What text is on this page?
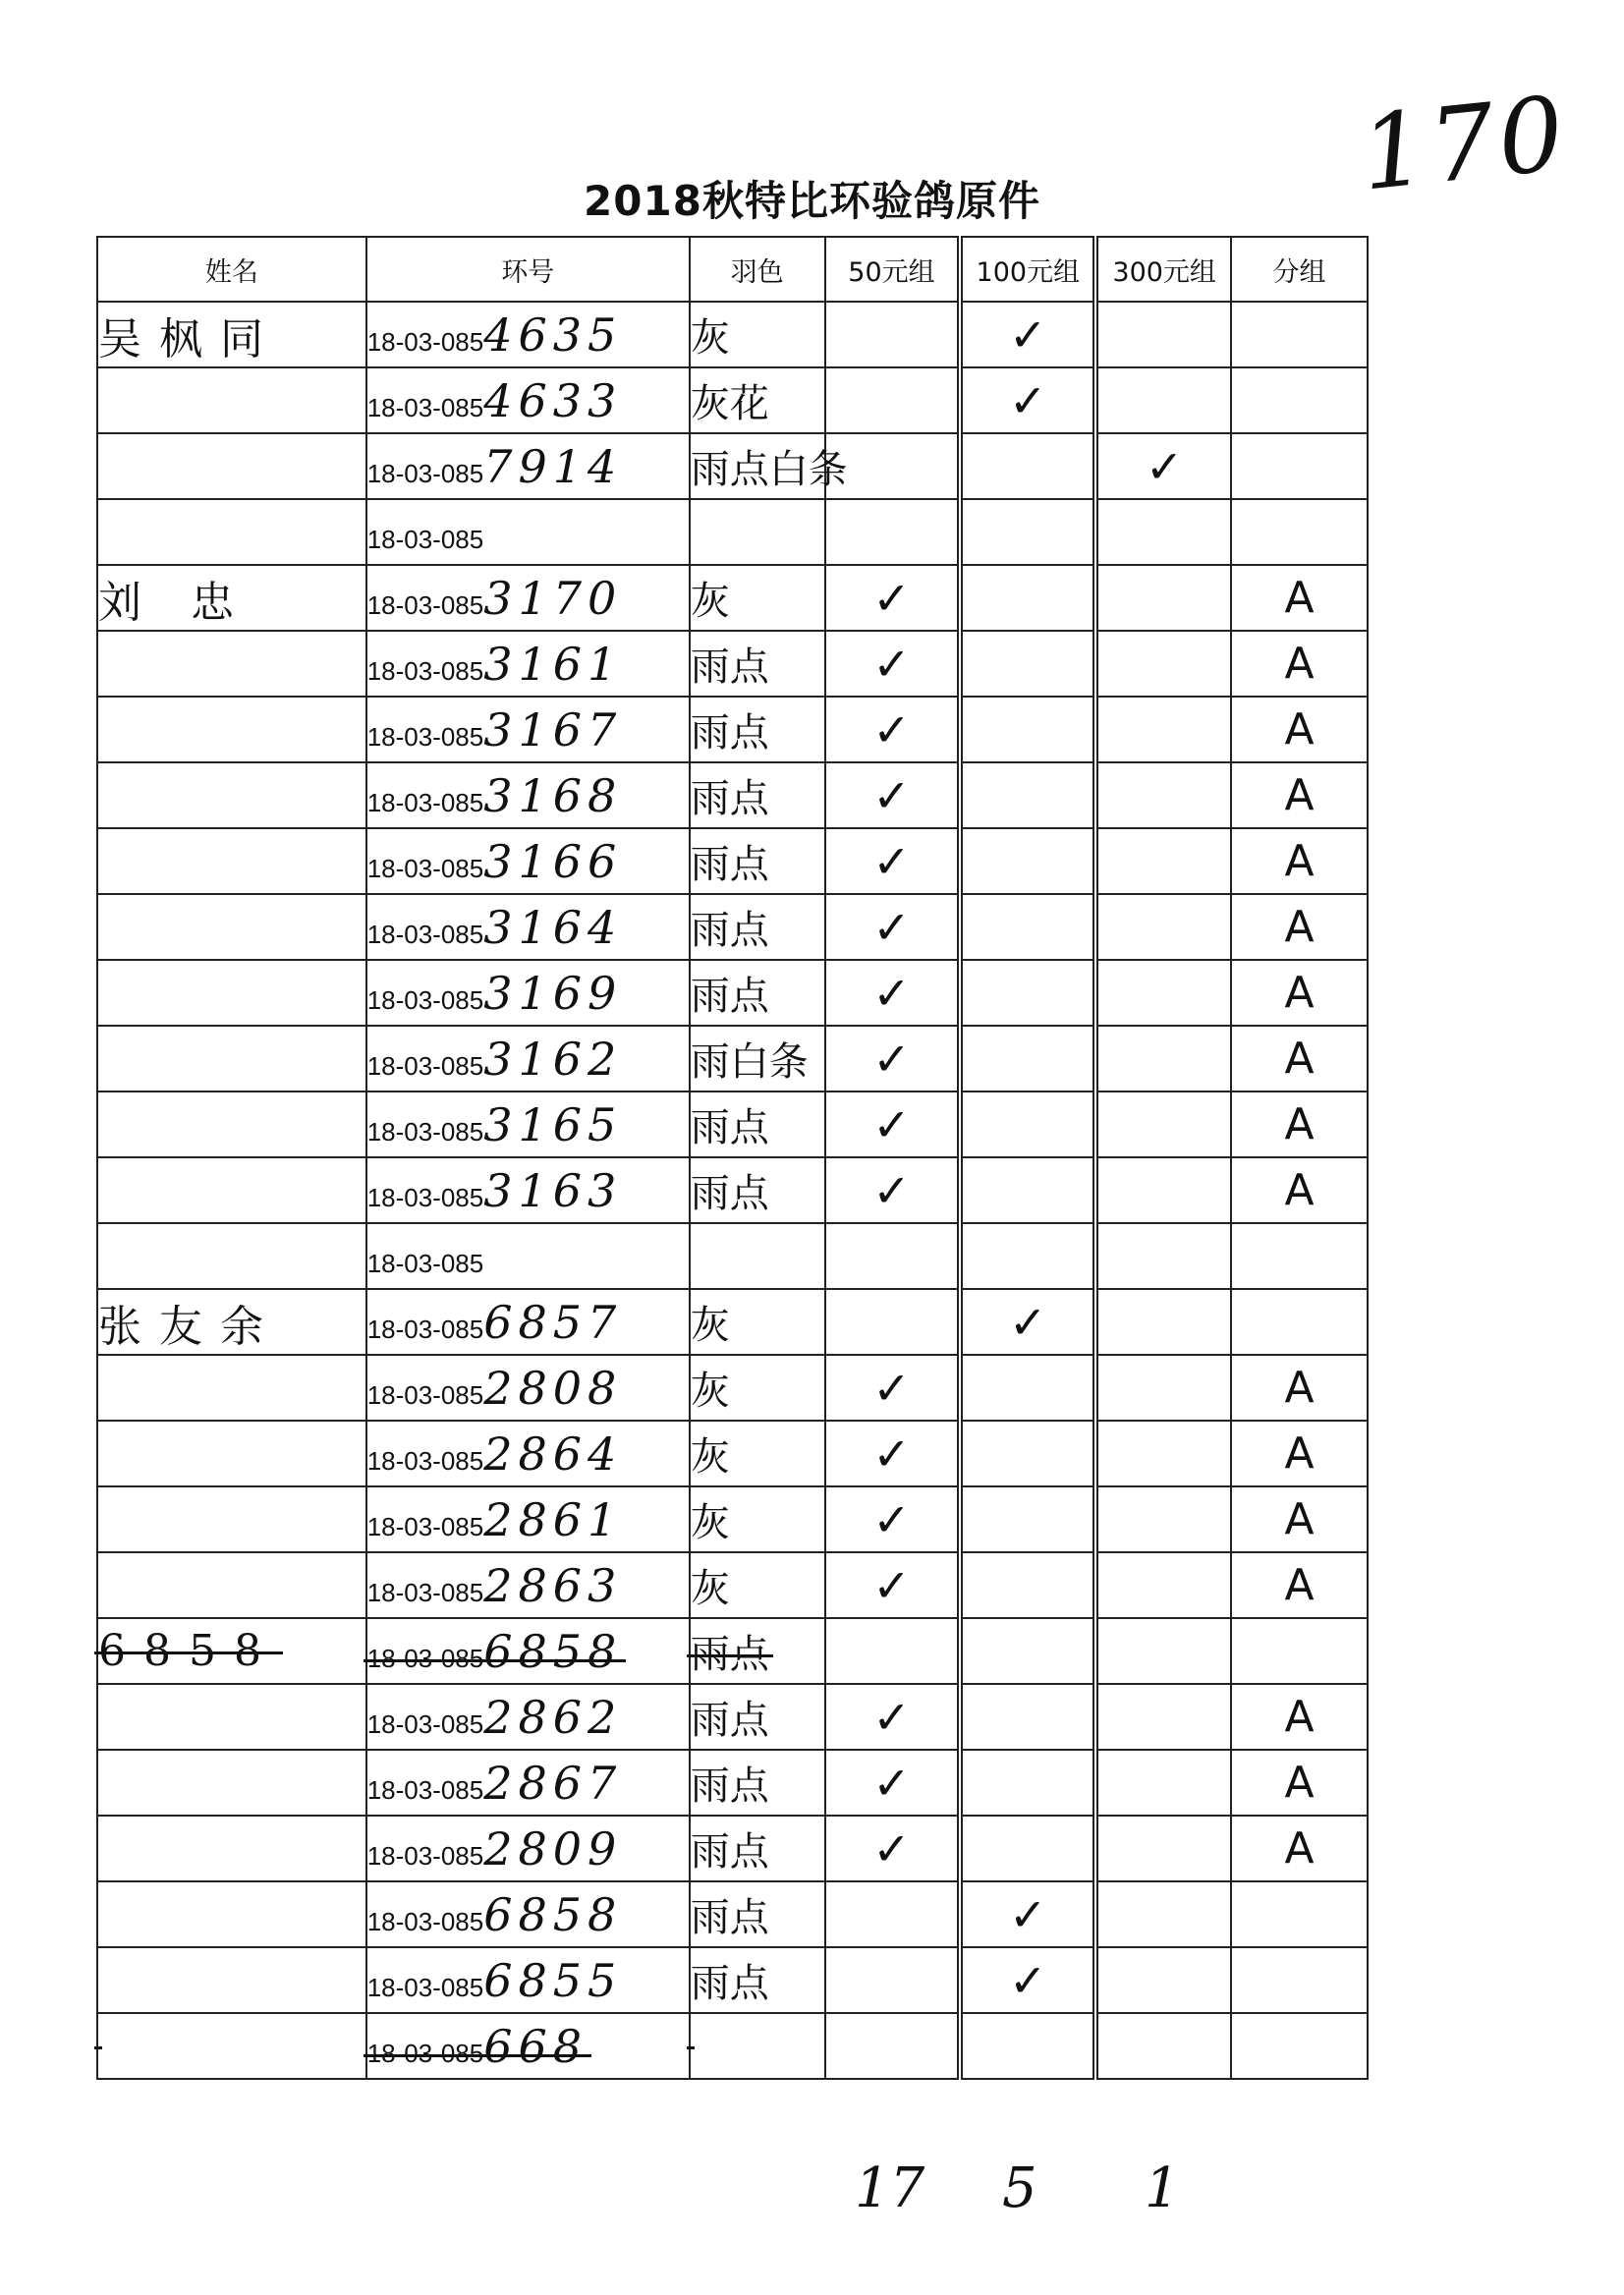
170
2018秋特比环验鸽原件
姓名	环号	羽色	50元组	100元组	300元组	分组
吴枫同	18-03-0854635	灰		✓		
	18-03-0854633	灰花		✓		
	18-03-0857914	雨点白条			✓	
	18-03-085					
刘 忠	18-03-0853170	灰	✓			A
	18-03-0853161	雨点	✓			A
	18-03-0853167	雨点	✓			A
	18-03-0853168	雨点	✓			A
	18-03-0853166	雨点	✓			A
	18-03-0853164	雨点	✓			A
	18-03-0853169	雨点	✓			A
	18-03-0853162	雨白条	✓			A
	18-03-0853165	雨点	✓			A
	18-03-0853163	雨点	✓			A
	18-03-085					
张友余	18-03-0856857	灰		✓		
	18-03-0852808	灰	✓			A
	18-03-0852864	灰	✓			A
	18-03-0852861	灰	✓			A
	18-03-0852863	灰	✓			A
6858	18-03-0856858	雨点				
	18-03-0852862	雨点	✓			A
	18-03-0852867	雨点	✓			A
	18-03-0852809	雨点	✓			A
	18-03-0856858	雨点		✓		
	18-03-0856855	雨点		✓		
	18-03-085668					
17 5 1
